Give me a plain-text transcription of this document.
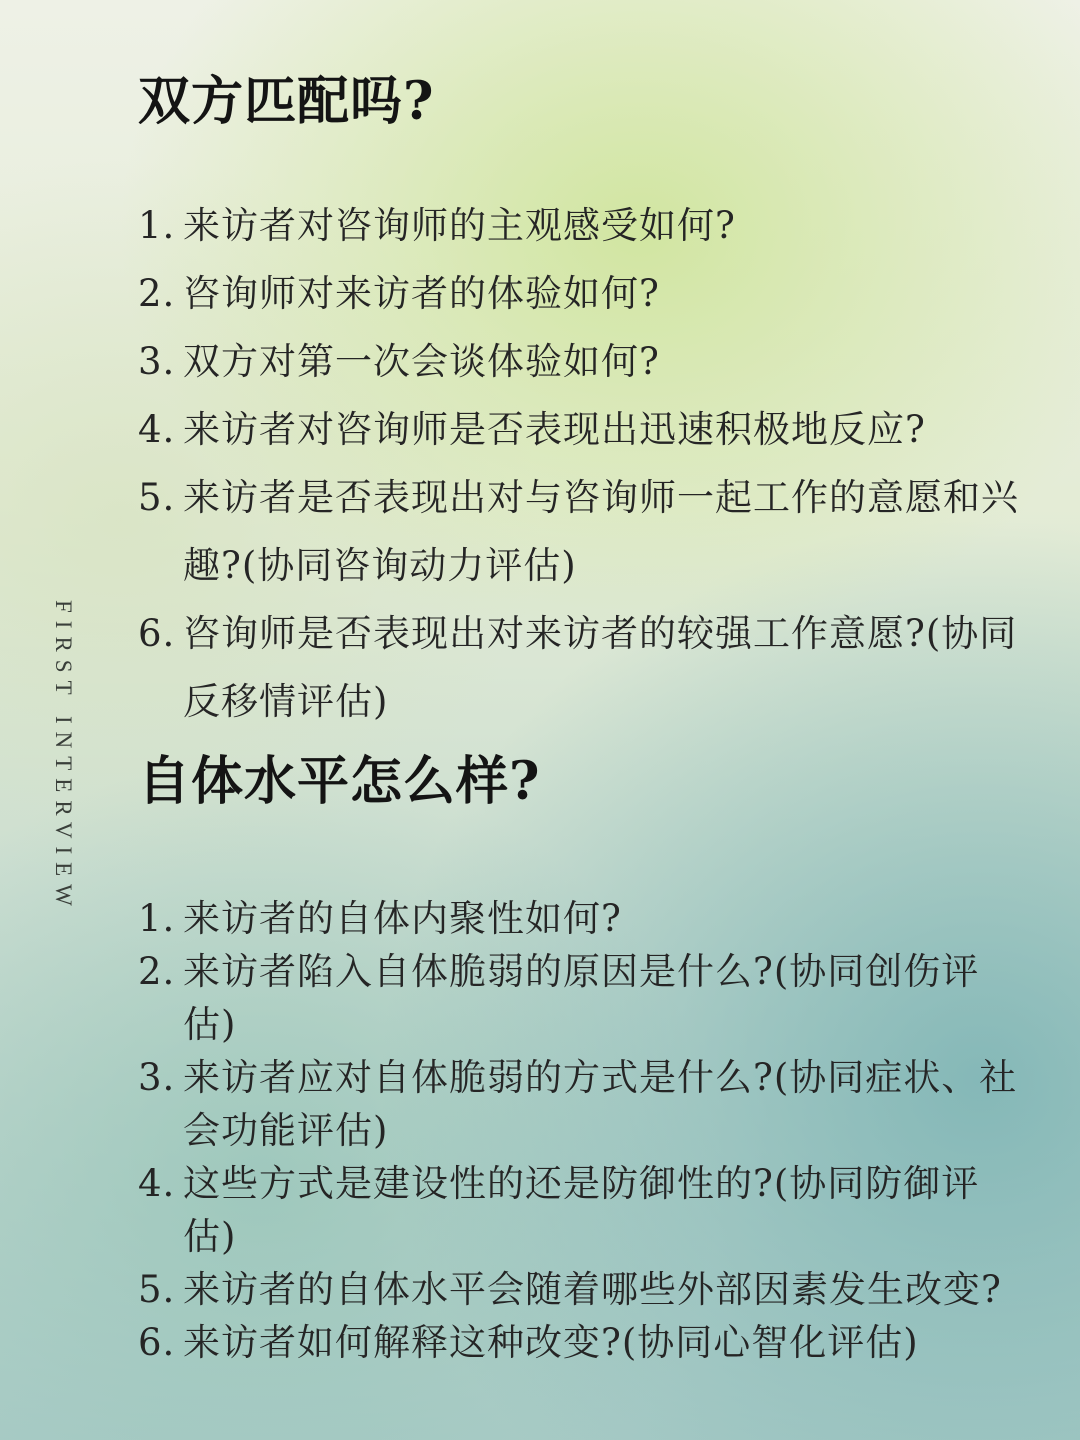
FIRST INTERVIEW
双方匹配吗?
1. 来访者对咨询师的主观感受如何?
2. 咨询师对来访者的体验如何?
3. 双方对第一次会谈体验如何?
4. 来访者对咨询师是否表现出迅速积极地反应?
5. 来访者是否表现出对与咨询师一起工作的意愿和兴趣?(协同咨询动力评估)
6. 咨询师是否表现出对来访者的较强工作意愿?(协同反移情评估)
自体水平怎么样?
1. 来访者的自体内聚性如何?
2. 来访者陷入自体脆弱的原因是什么?(协同创伤评估)
3. 来访者应对自体脆弱的方式是什么?(协同症状、社会功能评估)
4. 这些方式是建设性的还是防御性的?(协同防御评估)
5. 来访者的自体水平会随着哪些外部因素发生改变?
6. 来访者如何解释这种改变?(协同心智化评估)
